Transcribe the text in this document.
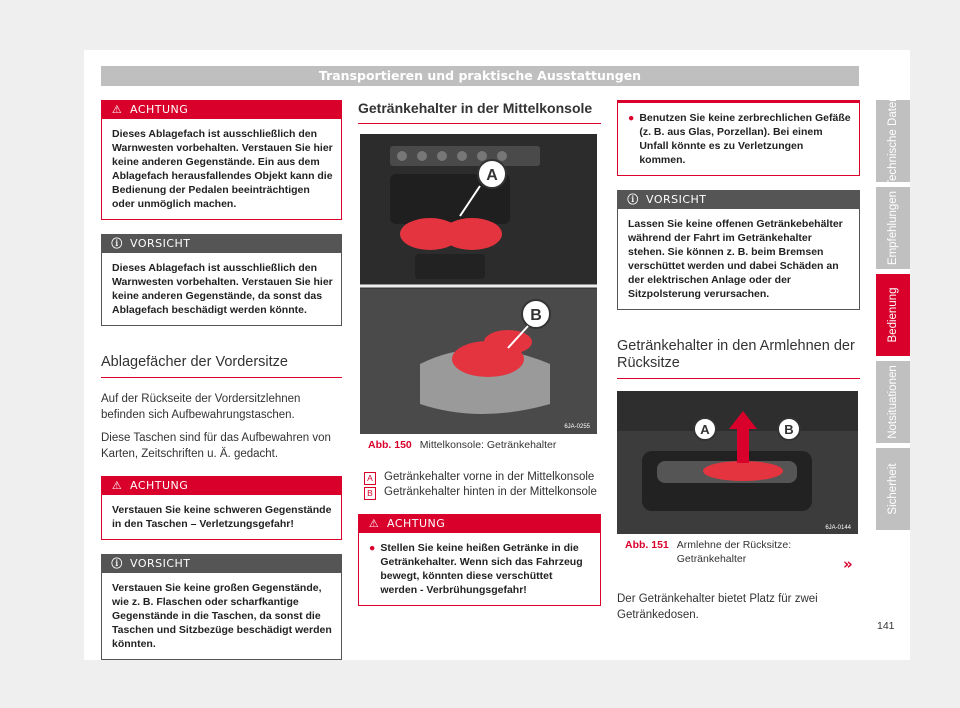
Transportieren und praktische Ausstattungen
⚠ ACHTUNG
Dieses Ablagefach ist ausschließlich den Warnwesten vorbehalten. Verstauen Sie hier keine anderen Gegenstände. Ein aus dem Ablagefach herausfallendes Objekt kann die Bedienung der Pedalen beeinträchtigen oder unmöglich machen.
ⓘ VORSICHT
Dieses Ablagefach ist ausschließlich den Warnwesten vorbehalten. Verstauen Sie hier keine anderen Gegenstände, da sonst das Ablagefach beschädigt werden könnte.
Ablagefächer der Vordersitze

Auf der Rückseite der Vordersitzlehnen befinden sich Aufbewahrungstaschen.

Diese Taschen sind für das Aufbewahren von Karten, Zeitschriften u. Ä. gedacht.

⚠ ACHTUNG
Verstauen Sie keine schweren Gegenstände in den Taschen – Verletzungsgefahr!
ⓘ VORSICHT
Verstauen Sie keine großen Gegenstände, wie z. B. Flaschen oder scharfkantige Gegenstände in die Taschen, da sonst die Taschen und Sitzbezüge beschädigt werden könnten.
Getränkehalter in der Mittelkonsole
A
B
6JA-0255
Abb. 150 Mittelkonsole: Getränkehalter
A Getränkehalter vorne in der Mittelkonsole
B Getränkehalter hinten in der Mittelkonsole
⚠ ACHTUNG
● Stellen Sie keine heißen Getränke in die Getränkehalter. Wenn sich das Fahrzeug bewegt, könnten diese verschüttet werden - Verbrühungsgefahr!
● Benutzen Sie keine zerbrechlichen Gefäße (z. B. aus Glas, Porzellan). Bei einem Unfall könnte es zu Verletzungen kommen.
ⓘ VORSICHT
Lassen Sie keine offenen Getränkebehälter während der Fahrt im Getränkehalter stehen. Sie können z. B. beim Bremsen verschüttet werden und dabei Schäden an der elektrischen Anlage oder der Sitzpolsterung verursachen.
Getränkehalter in den Armlehnen der Rücksitze
A	B
6JA-0144
Abb. 151 Armlehne der Rücksitze: Getränkehalter

Der Getränkehalter bietet Platz für zwei Getränkedosen.

»
Technische Daten
Empfehlungen
Bedienung
Notsituationen
Sicherheit
141
